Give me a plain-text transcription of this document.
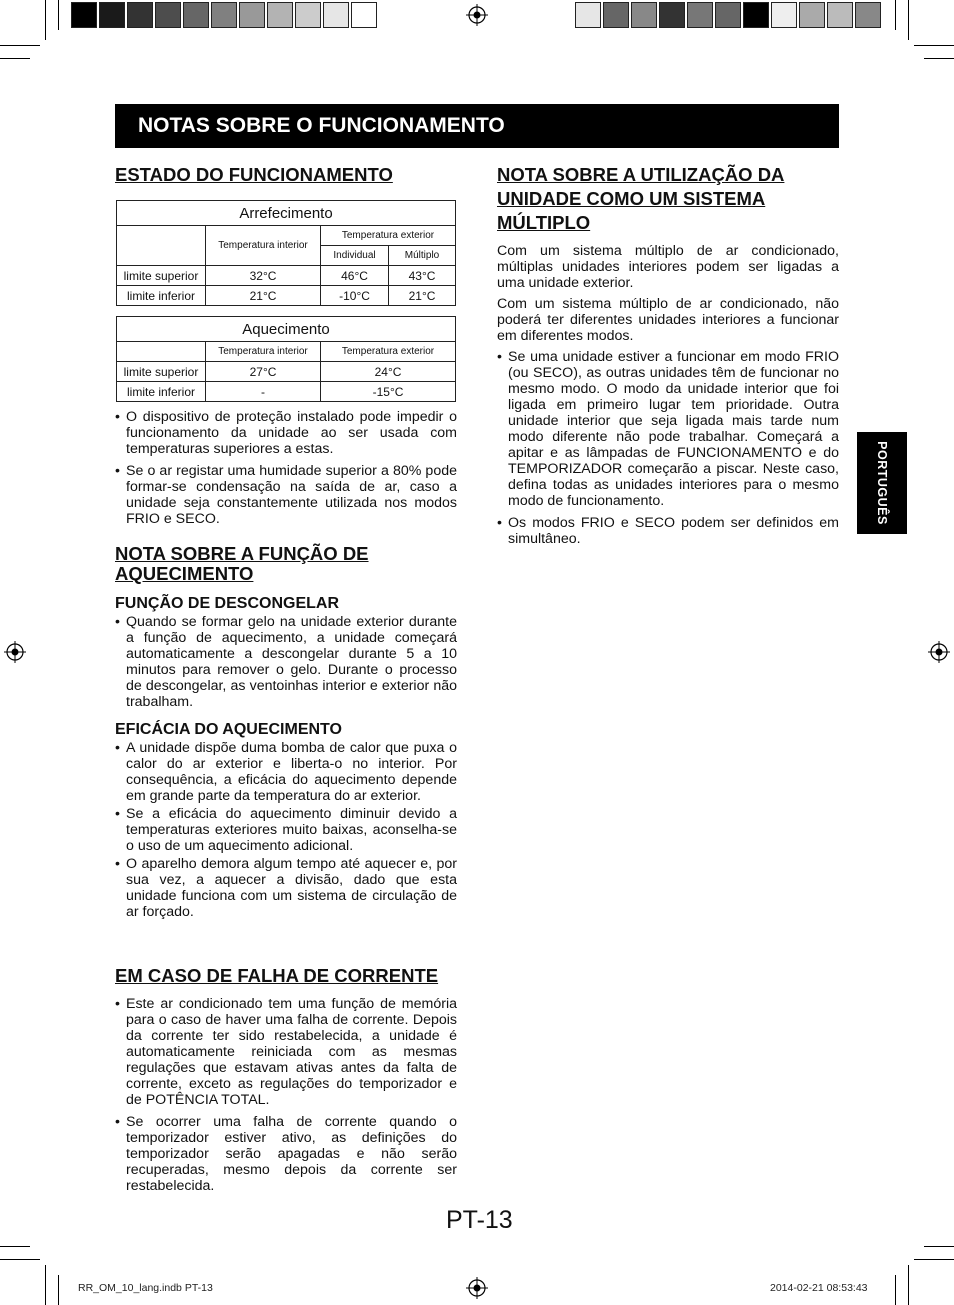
NOTAS SOBRE O FUNCIONAMENTO
ESTADO DO FUNCIONAMENTO
Arrefecimento			
	Temperatura interior	Temperatura exterior	
		Individual	Múltiplo
limite superior	32°C	46°C	43°C
limite inferior	21°C	-10°C	21°C
Aquecimento		
	Temperatura interior	Temperatura exterior
limite superior	27°C	24°C
limite inferior	-	-15°C
• O dispositivo de proteção instalado pode impedir o funcionamento da unidade ao ser usada com temperaturas superiores a estas.
• Se o ar registar uma humidade superior a 80% pode formar-se condensação na saída de ar, caso a unidade seja constantemente utilizada nos modos FRIO e SECO.
NOTA SOBRE A FUNÇÃO DE AQUECIMENTO
FUNÇÃO DE DESCONGELAR
• Quando se formar gelo na unidade exterior durante a função de aquecimento, a unidade começará automaticamente a descongelar durante 5 a 10 minutos para remover o gelo. Durante o processo de descongelar, as ventoinhas interior e exterior não trabalham.
EFICÁCIA DO AQUECIMENTO
• A unidade dispõe duma bomba de calor que puxa o calor do ar exterior e liberta-o no interior. Por consequência, a eficácia do aquecimento depende em grande parte da temperatura do ar exterior.
• Se a eficácia do aquecimento diminuir devido a temperaturas exteriores muito baixas, aconselha-se o uso de um aquecimento adicional.
• O aparelho demora algum tempo até aquecer e, por sua vez, a aquecer a divisão, dado que esta unidade funciona com um sistema de circulação de ar forçado.
EM CASO DE FALHA DE CORRENTE
• Este ar condicionado tem uma função de memória para o caso de haver uma falha de corrente. Depois da corrente ter sido restabelecida, a unidade é automaticamente reiniciada com as mesmas regulações que estavam ativas antes da falta de corrente, exceto as regulações do temporizador e de POTÊNCIA TOTAL.
• Se ocorrer uma falha de corrente quando o temporizador estiver ativo, as definições do temporizador serão apagadas e não serão recuperadas, mesmo depois da corrente ser restabelecida.
NOTA SOBRE A UTILIZAÇÃO DA UNIDADE COMO UM SISTEMA MÚLTIPLO

Com um sistema múltiplo de ar condicionado, múltiplas unidades interiores podem ser ligadas a uma unidade exterior.

Com um sistema múltiplo de ar condicionado, não poderá ter diferentes unidades interiores a funcionar em diferentes modos.

• Se uma unidade estiver a funcionar em modo FRIO (ou SECO), as outras unidades têm de funcionar no mesmo modo. O modo da unidade interior que foi ligada em primeiro lugar tem prioridade. Outra unidade interior que seja ligada mais tarde num modo diferente não pode trabalhar. Começará a apitar e as lâmpadas de FUNCIONAMENTO e do TEMPORIZADOR começarão a piscar. Neste caso, defina todas as unidades interiores para o mesmo modo de funcionamento.
• Os modos FRIO e SECO podem ser definidos em simultâneo.
PORTUGUÊS
PT-13
RR_OM_10_lang.indb PT-13	2014-02-21 08:53:43
